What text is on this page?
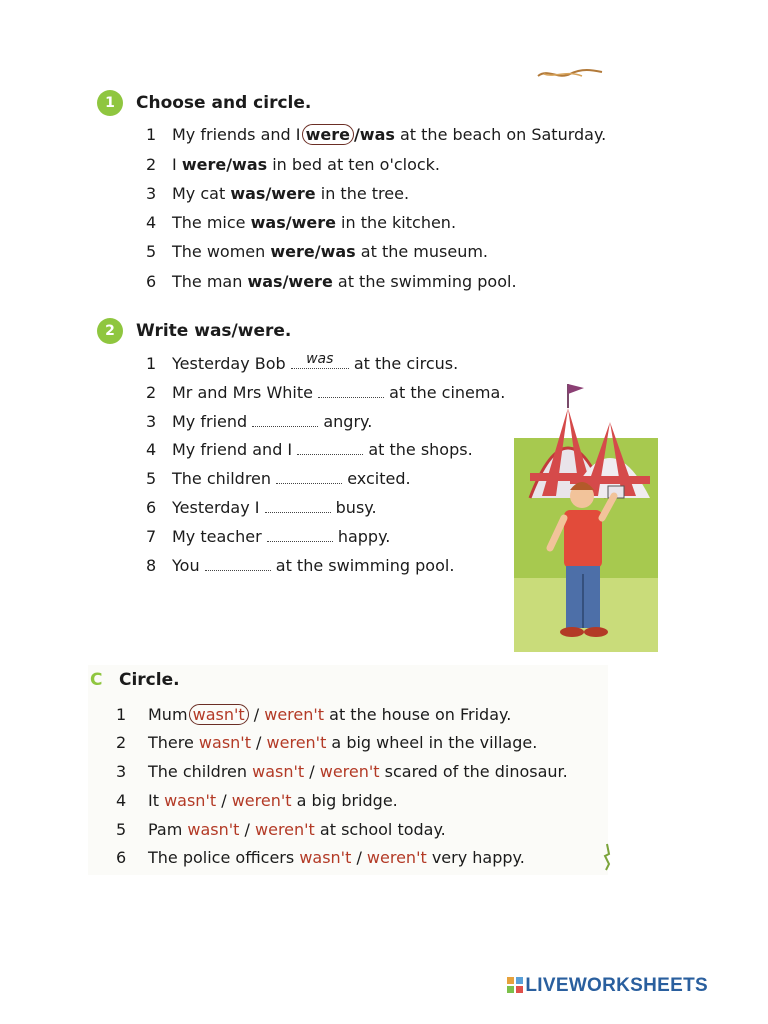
1	Choose and circle.
1 My friends and I were /was at the beach on Saturday.
2 I were/was in bed at ten o'clock.
3 My cat was/were in the tree.
4 The mice was/were in the kitchen.
5 The women were/was at the museum.
6 The man was/were at the swimming pool.
2	Write was/were.
1 Yesterday Bob was at the circus.
2 Mr and Mrs White	at the cinema.
3 My friend	angry.
4 My friend and I	at the shops.
5 The children	excited.
6 Yesterday I	busy.
7 My teacher	happy.
8 You	at the swimming pool.
C Circle.
1 Mum wasn't / weren't at the house on Friday.
2 There wasn't / weren't a big wheel in the village.
3 The children wasn't / weren't scared of the dinosaur.
4 It wasn't / weren't a big bridge.
5 Pam wasn't / weren't at school today.
6 The police officers wasn't / weren't very happy.
LIVEWORKSHEETS
